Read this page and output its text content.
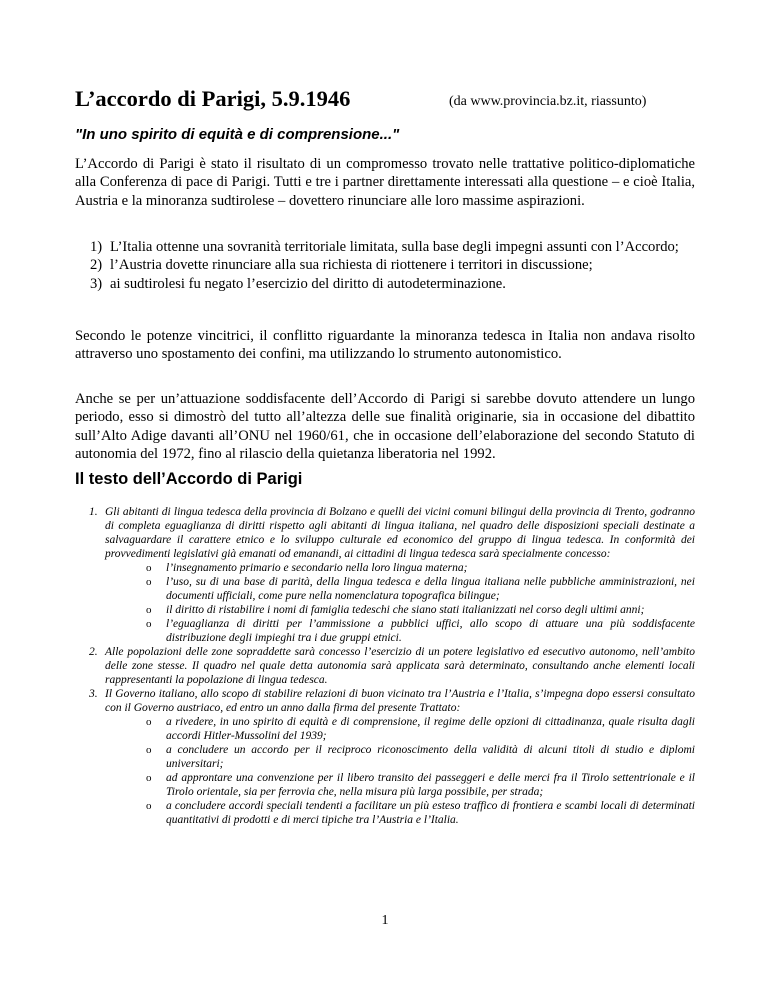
L’accordo di Parigi, 5.9.1946	(da www.provincia.bz.it, riassunto)
"In uno spirito di equità e di comprensione..."

L’Accordo di Parigi è stato il risultato di un compromesso trovato nelle trattative politico-diplomatiche alla Conferenza di pace di Parigi. Tutti e tre i partner direttamente interessati alla questione – e cioè Italia, Austria e la minoranza sudtirolese – dovettero rinunciare alle loro massime aspirazioni.

1) L’Italia ottenne una sovranità territoriale limitata, sulla base degli impegni assunti con l’Accordo;
2) l’Austria dovette rinunciare alla sua richiesta di riottenere i territori in discussione;
3) ai sudtirolesi fu negato l’esercizio del diritto di autodeterminazione.

Secondo le potenze vincitrici, il conflitto riguardante la minoranza tedesca in Italia non andava risolto attraverso uno spostamento dei confini, ma utilizzando lo strumento autonomistico.

Anche se per un’attuazione soddisfacente dell’Accordo di Parigi si sarebbe dovuto attendere un lungo periodo, esso si dimostrò del tutto all’altezza delle sue finalità originarie, sia in occasione del dibattito sull’Alto Adige davanti all’ONU nel 1960/61, che in occasione dell’elaborazione del secondo Statuto di autonomia del 1972, fino al rilascio della quietanza liberatoria nel 1992.

Il testo dell’Accordo di Parigi
1. Gli abitanti di lingua tedesca della provincia di Bolzano e quelli dei vicini comuni bilingui della provincia di Trento, godranno di completa eguaglianza di diritti rispetto agli abitanti di lingua italiana, nel quadro delle disposizioni speciali destinate a salvaguardare il carattere etnico e lo sviluppo culturale ed economico del gruppo di lingua tedesca. In conformità dei provvedimenti legislativi già emanati od emanandi, ai cittadini di lingua tedesca sarà specialmente concesso:
o l’insegnamento primario e secondario nella loro lingua materna;
o l’uso, su di una base di parità, della lingua tedesca e della lingua italiana nelle pubbliche amministrazioni, nei documenti ufficiali, come pure nella nomenclatura topografica bilingue;
o il diritto di ristabilire i nomi di famiglia tedeschi che siano stati italianizzati nel corso degli ultimi anni;
o l’eguaglianza di diritti per l’ammissione a pubblici uffici, allo scopo di attuare una più soddisfacente distribuzione degli impieghi tra i due gruppi etnici.
2. Alle popolazioni delle zone sopraddette sarà concesso l’esercizio di un potere legislativo ed esecutivo autonomo, nell’ambito delle zone stesse. Il quadro nel quale detta autonomia sarà applicata sarà determinato, consultando anche elementi locali rappresentanti la popolazione di lingua tedesca.
3. Il Governo italiano, allo scopo di stabilire relazioni di buon vicinato tra l’Austria e l’Italia, s’impegna dopo essersi consultato con il Governo austriaco, ed entro un anno dalla firma del presente Trattato:
o a rivedere, in uno spirito di equità e di comprensione, il regime delle opzioni di cittadinanza, quale risulta dagli accordi Hitler-Mussolini del 1939;
o a concludere un accordo per il reciproco riconoscimento della validità di alcuni titoli di studio e diplomi universitari;
o ad approntare una convenzione per il libero transito dei passeggeri e delle merci fra il Tirolo settentrionale e il Tirolo orientale, sia per ferrovia che, nella misura più larga possibile, per strada;
o a concludere accordi speciali tendenti a facilitare un più esteso traffico di frontiera e scambi locali di determinati quantitativi di prodotti e di merci tipiche tra l’Austria e l’Italia.
1
